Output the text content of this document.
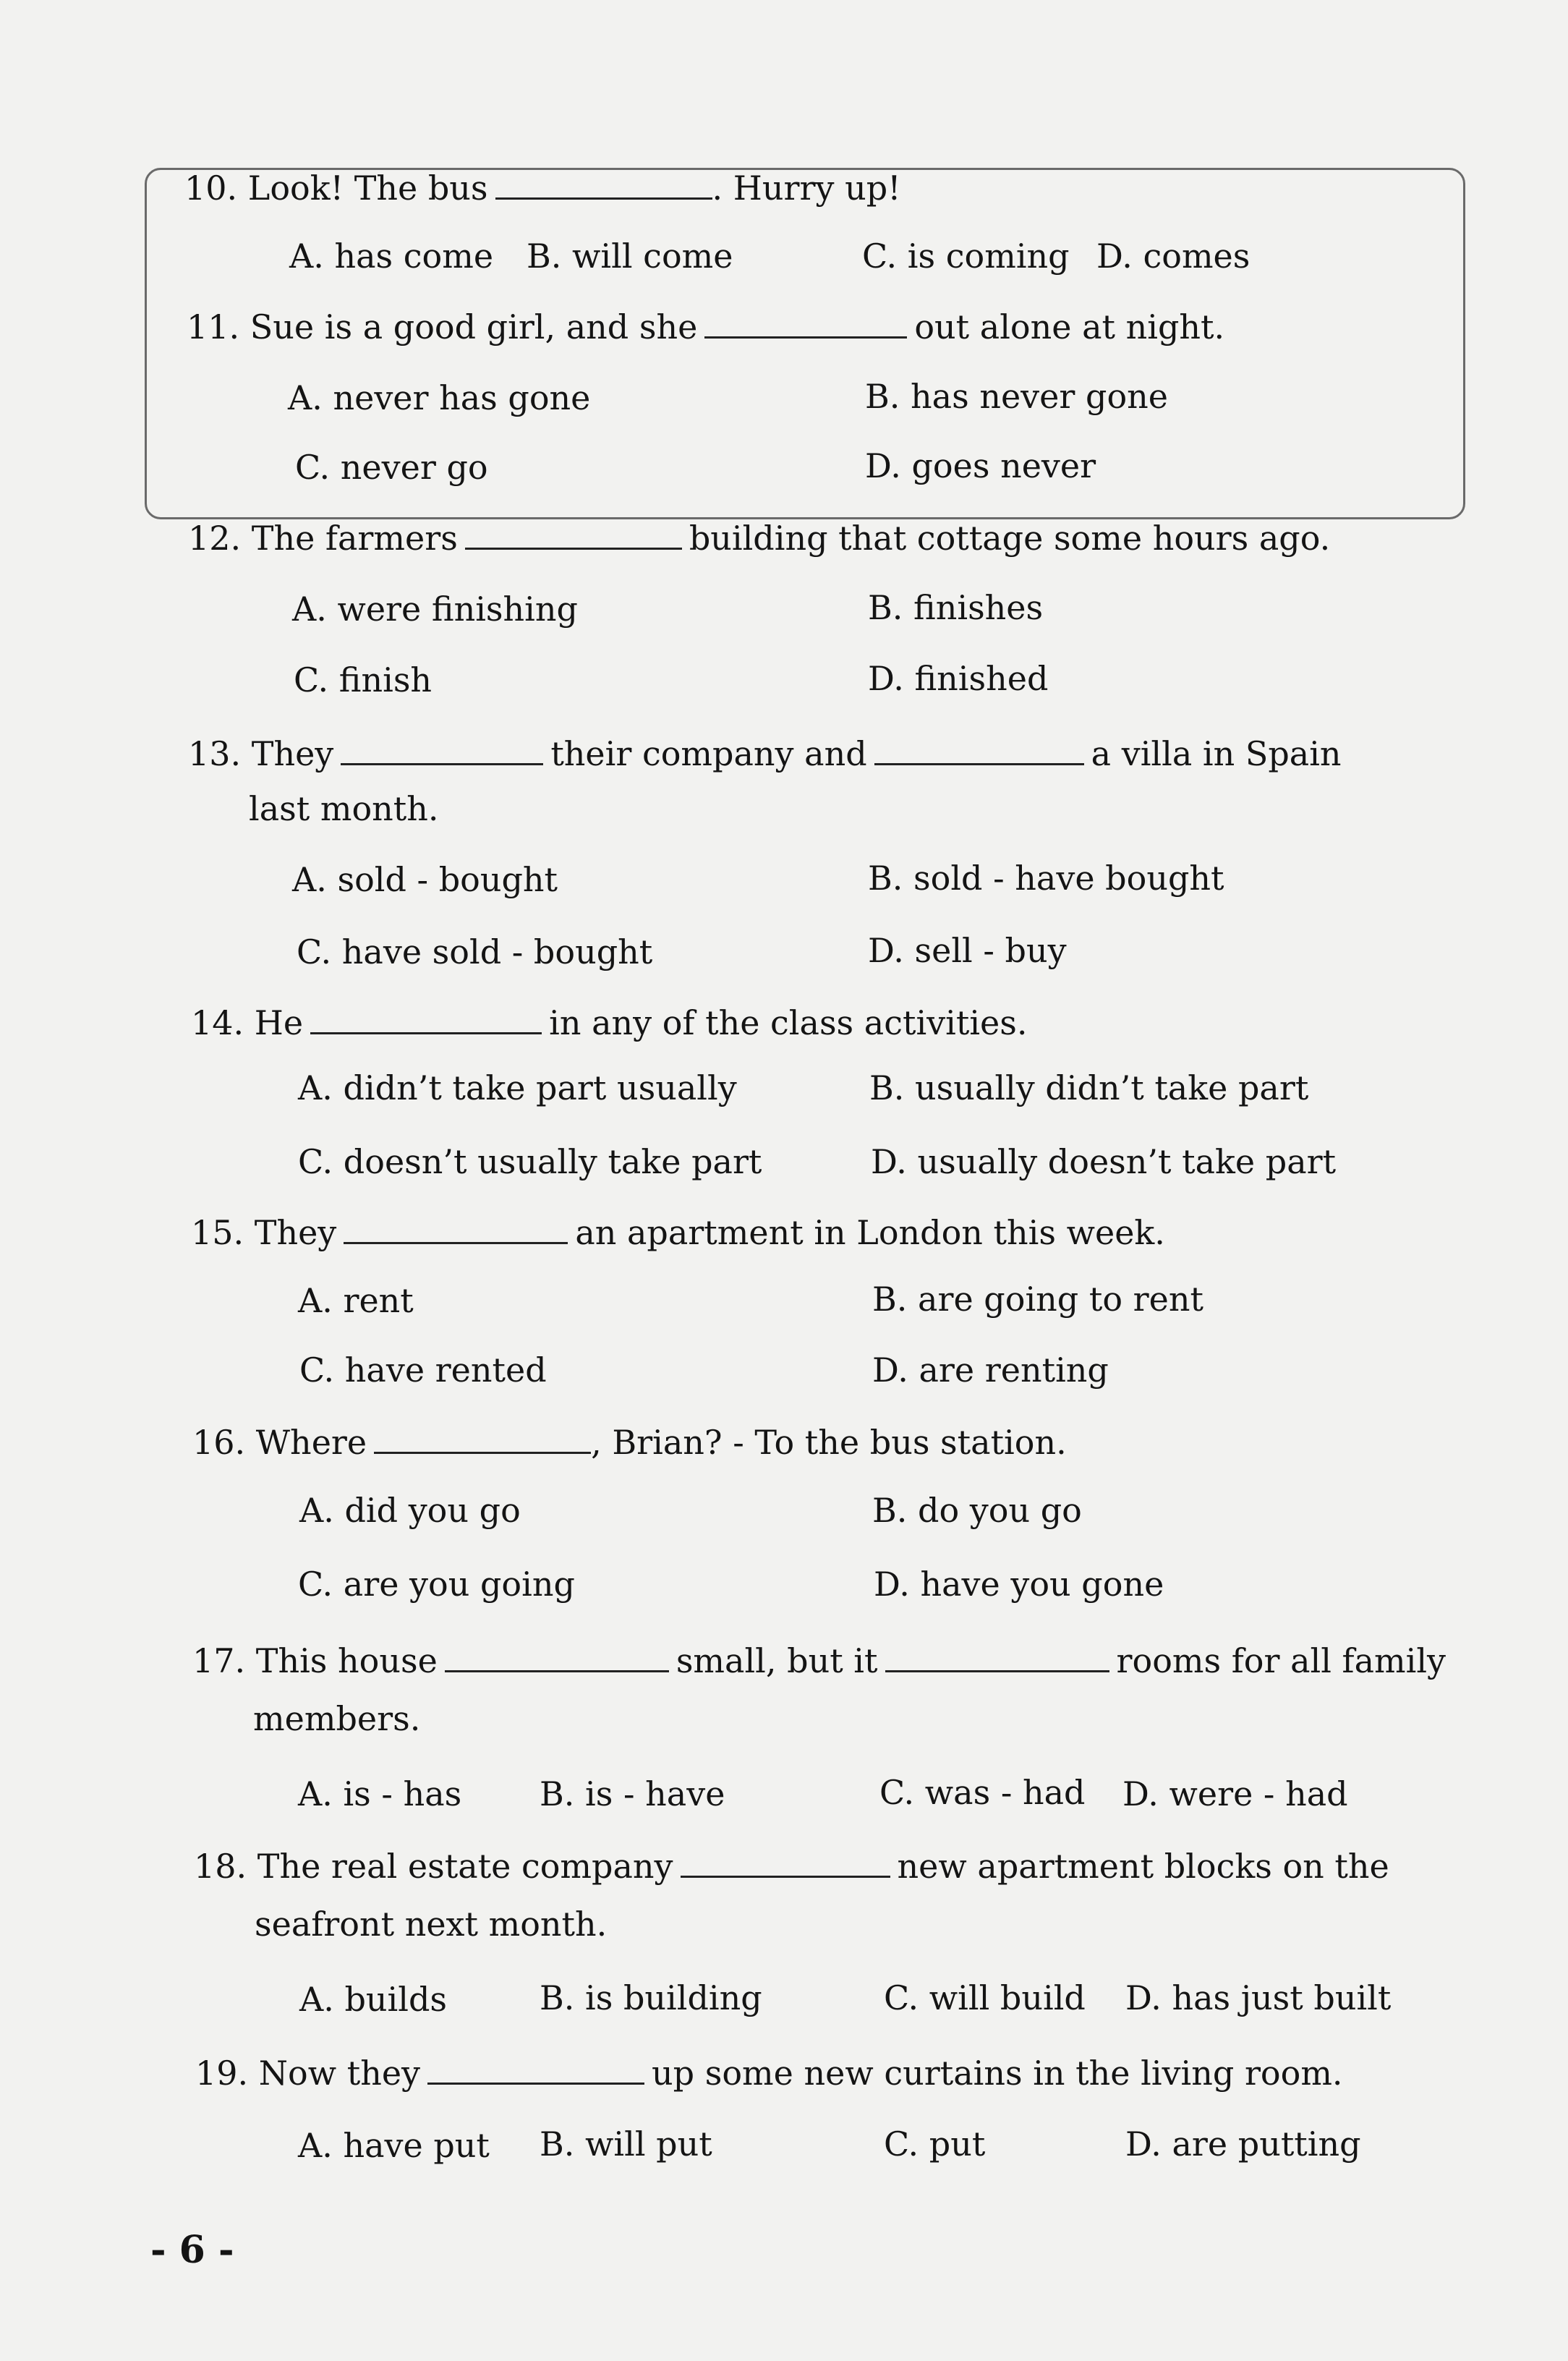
10. Look! The bus	. Hurry up!
A. has come B. will come	C. is coming D. comes
11. Sue is a good girl, and she	out alone at night.
A. never has gone	B. has never gone
C. never go	D. goes never
12. The farmers	building that cottage some hours ago.
A. were finishing	B. finishes
C. finish	D. finished
13. They	their company and	a villa in Spain
last month.
A. sold - bought	B. sold - have bought
C. have sold - bought	D. sell - buy
14. He	in any of the class activities.
A. didn’t take part usually	B. usually didn’t take part
C. doesn’t usually take part	D. usually doesn’t take part
15. They	an apartment in London this week.
A. rent	B. are going to rent
C. have rented	D. are renting
16. Where	, Brian? - To the bus station.
A. did you go	B. do you go
C. are you going	D. have you gone
17. This house	small, but it	rooms for all family
members.
A. is - has B. is - have	C. was - had D. were - had
18. The real estate company	new apartment blocks on the
seafront next month.
A. builds	B. is building	C. will build D. has just built
19. Now they	up some new curtains in the living room.
A. have put B. will put	C. put	D. are putting
- 6 -
